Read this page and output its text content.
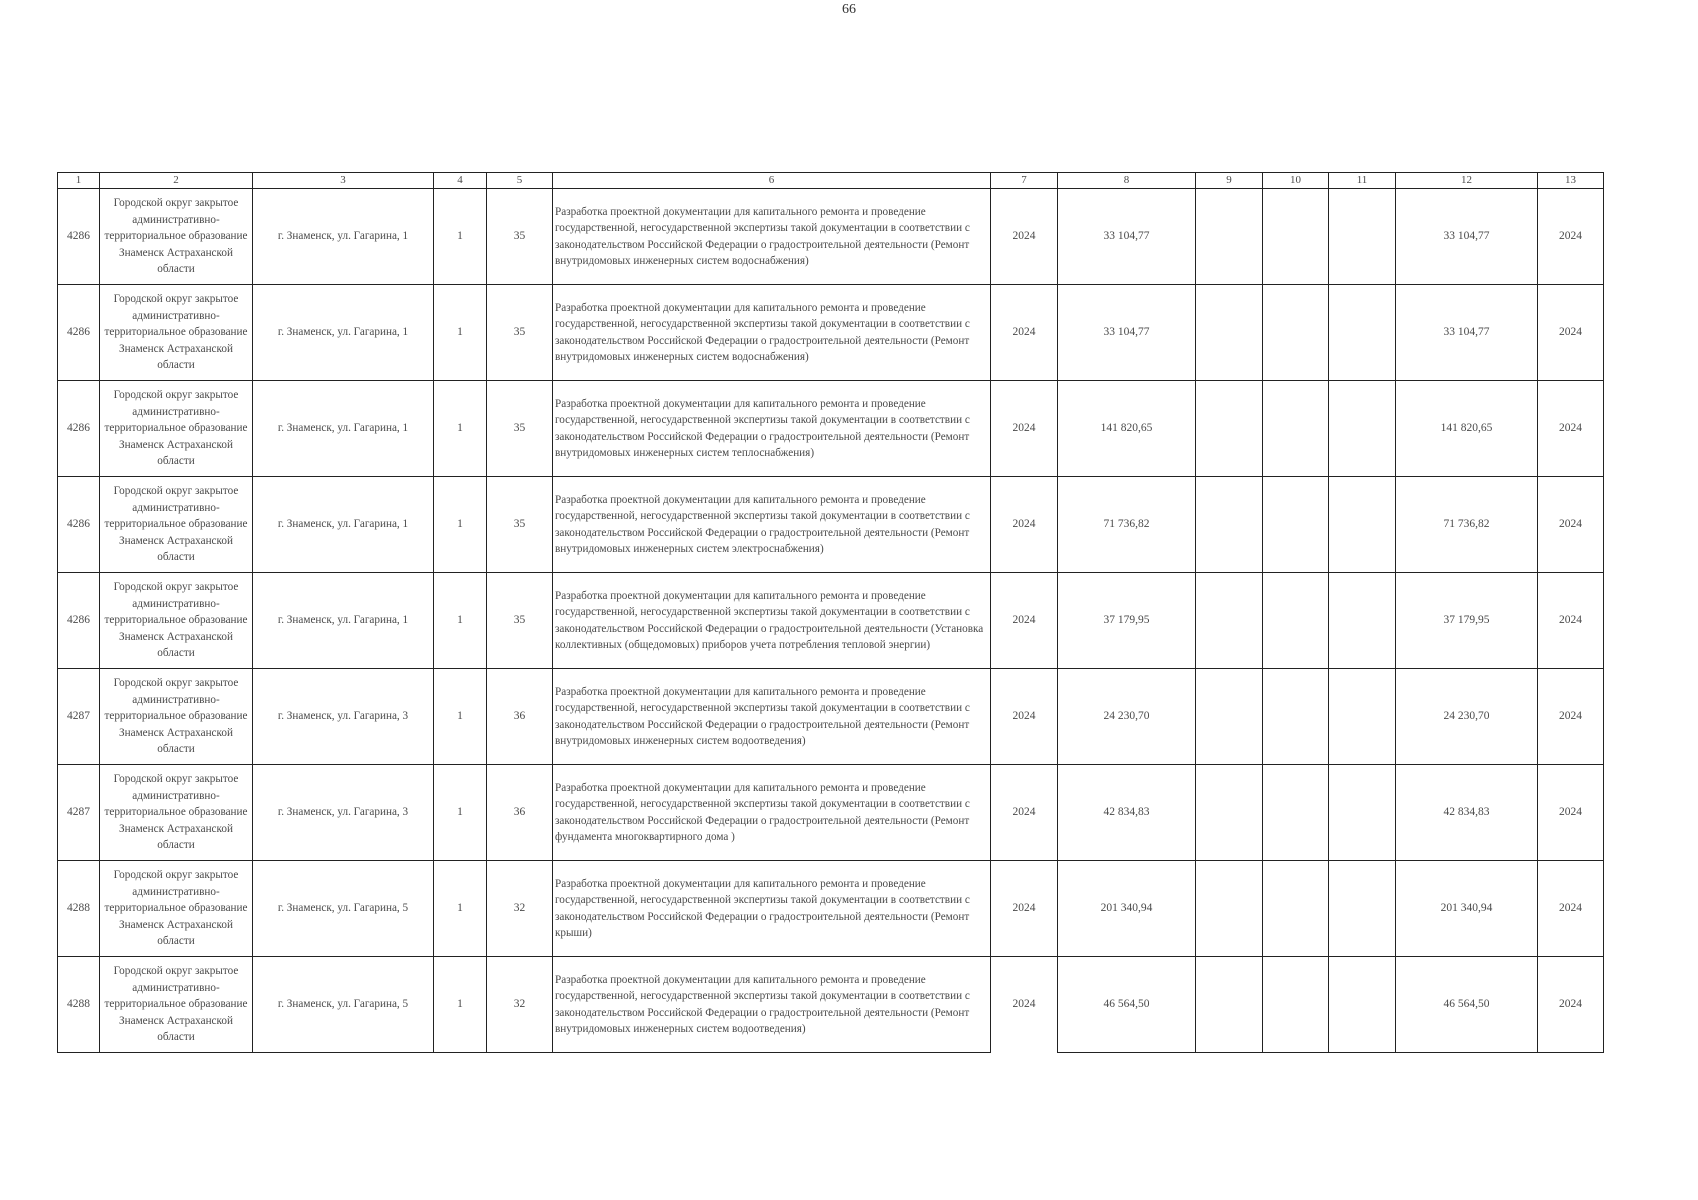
66
1	2	3	4	5	6	7	8	9	10	11	12	13
4286	Городской округ закрытое административно-территориальное образование Знаменск Астраханской области	г. Знаменск, ул. Гагарина, 1	1	35	Разработка проектной документации для капитального ремонта и проведение государственной, негосударственной экспертизы такой документации в соответствии с законодательством Российской Федерации о градостроительной деятельности (Ремонт внутридомовых инженерных систем водоснабжения)	2024	33 104,77				33 104,77	2024
4286	Городской округ закрытое административно-территориальное образование Знаменск Астраханской области	г. Знаменск, ул. Гагарина, 1	1	35	Разработка проектной документации для капитального ремонта и проведение государственной, негосударственной экспертизы такой документации в соответствии с законодательством Российской Федерации о градостроительной деятельности (Ремонт внутридомовых инженерных систем водоснабжения)	2024	33 104,77				33 104,77	2024
4286	Городской округ закрытое административно-территориальное образование Знаменск Астраханской области	г. Знаменск, ул. Гагарина, 1	1	35	Разработка проектной документации для капитального ремонта и проведение государственной, негосударственной экспертизы такой документации в соответствии с законодательством Российской Федерации о градостроительной деятельности (Ремонт внутридомовых инженерных систем теплоснабжения)	2024	141 820,65				141 820,65	2024
4286	Городской округ закрытое административно-территориальное образование Знаменск Астраханской области	г. Знаменск, ул. Гагарина, 1	1	35	Разработка проектной документации для капитального ремонта и проведение государственной, негосударственной экспертизы такой документации в соответствии с законодательством Российской Федерации о градостроительной деятельности (Ремонт внутридомовых инженерных систем электроснабжения)	2024	71 736,82				71 736,82	2024
4286	Городской округ закрытое административно-территориальное образование Знаменск Астраханской области	г. Знаменск, ул. Гагарина, 1	1	35	Разработка проектной документации для капитального ремонта и проведение государственной, негосударственной экспертизы такой документации в соответствии с законодательством Российской Федерации о градостроительной деятельности (Установка коллективных (общедомовых) приборов учета потребления тепловой энергии)	2024	37 179,95				37 179,95	2024
4287	Городской округ закрытое административно-территориальное образование Знаменск Астраханской области	г. Знаменск, ул. Гагарина, 3	1	36	Разработка проектной документации для капитального ремонта и проведение государственной, негосударственной экспертизы такой документации в соответствии с законодательством Российской Федерации о градостроительной деятельности (Ремонт внутридомовых инженерных систем водоотведения)	2024	24 230,70				24 230,70	2024
4287	Городской округ закрытое административно-территориальное образование Знаменск Астраханской области	г. Знаменск, ул. Гагарина, 3	1	36	Разработка проектной документации для капитального ремонта и проведение государственной, негосударственной экспертизы такой документации в соответствии с законодательством Российской Федерации о градостроительной деятельности (Ремонт фундамента многоквартирного дома )	2024	42 834,83				42 834,83	2024
4288	Городской округ закрытое административно-территориальное образование Знаменск Астраханской области	г. Знаменск, ул. Гагарина, 5	1	32	Разработка проектной документации для капитального ремонта и проведение государственной, негосударственной экспертизы такой документации в соответствии с законодательством Российской Федерации о градостроительной деятельности (Ремонт крыши)	2024	201 340,94				201 340,94	2024
4288	Городской округ закрытое административно-территориальное образование Знаменск Астраханской области	г. Знаменск, ул. Гагарина, 5	1	32	Разработка проектной документации для капитального ремонта и проведение государственной, негосударственной экспертизы такой документации в соответствии с законодательством Российской Федерации о градостроительной деятельности (Ремонт внутридомовых инженерных систем водоотведения)	2024	46 564,50				46 564,50	2024
